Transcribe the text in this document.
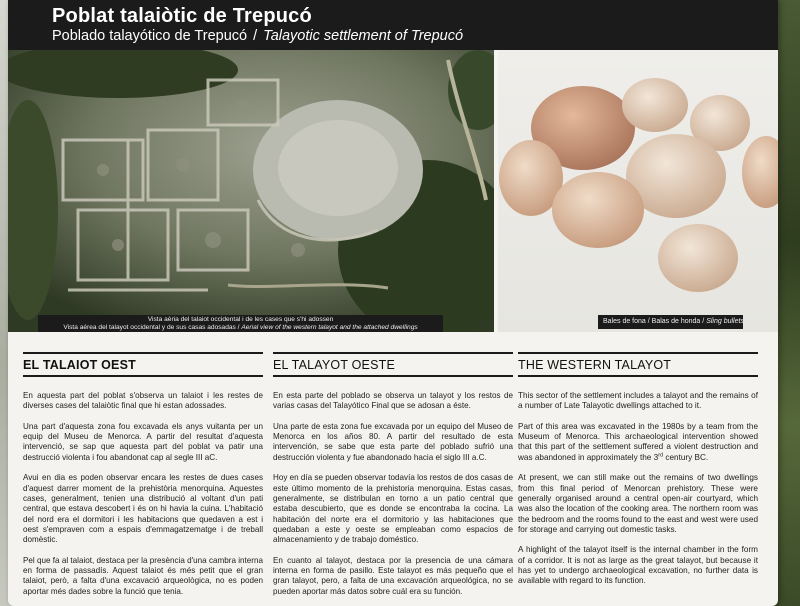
Poblat talaiòtic de Trepucó
Poblado talayótico de Trepucó / Talayotic settlement of Trepucó
Vista aèria del talaiot occidental i de les cases que s'hi adossen
Vista aérea del talayot occidental y de sus casas adosadas / Aerial view of the western talayot and the attached dwellings
Bales de fona / Balas de honda / Sling bullets
EL TALAIOT OEST

En aquesta part del poblat s'observa un talaiot i les restes de diverses cases del talaiòtic final que hi estan adossades.

Una part d'aquesta zona fou excavada els anys vuitanta per un equip del Museu de Menorca. A partir del resultat d'aquesta intervenció, se sap que aquesta part del poblat va patir una destrucció violenta i fou abandonat cap al segle III aC.

Avui en dia es poden observar encara les restes de dues cases d'aquest darrer moment de la prehistòria menorquina. Aquestes cases, generalment, tenien una distribució al voltant d'un pati central, que estava descobert i és on hi havia la cuina. L'habitació del nord era el dormitori i les habitacions que quedaven a est i oest s'empraven com a espais d'emmagatzematge i de treball domèstic.

Pel que fa al talaiot, destaca per la presència d'una cambra interna en forma de passadís. Aquest talaiot és més petit que el gran talaiot, però, a falta d'una excavació arqueològica, no es poden aportar més dades sobre la funció que tenia.

EL TALAYOT OESTE

En esta parte del poblado se observa un talayot y los restos de varias casas del Talayótico Final que se adosan a éste.

Una parte de esta zona fue excavada por un equipo del Museo de Menorca en los años 80. A partir del resultado de esta intervención, se sabe que esta parte del poblado sufrió una destrucción violenta y fue abandonado hacia el siglo III a.C.

Hoy en día se pueden observar todavía los restos de dos casas de este último momento de la prehistoria menorquina. Estas casas, generalmente, se distribulan en torno a un patio central que estaba descubierto, que es donde se encontraba la cocina. La habitación del norte era el dormitorio y las habitaciones que quedaban a este y oeste se empleaban como espacios de almacenamiento y de trabajo doméstico.

En cuanto al talayot, destaca por la presencia de una cámara interna en forma de pasillo. Este talayot es más pequeño que el gran talayot, pero, a falta de una excavación arqueológica, no se pueden aportar más datos sobre cuál era su función.

THE WESTERN TALAYOT

This sector of the settlement includes a talayot and the remains of a number of Late Talayotic dwellings attached to it.

Part of this area was excavated in the 1980s by a team from the Museum of Menorca. This archaeological intervention showed that this part of the settlement suffered a violent destruction and was abandoned in approximately the 3rd century BC.

At present, we can still make out the remains of two dwellings from this final period of Menorcan prehistory. These were generally organised around a central open-air courtyard, which was also the location of the cooking area. The northern room was the bedroom and the rooms found to the east and west were used for storage and carrying out domestic tasks.

A highlight of the talayot itself is the internal chamber in the form of a corridor. It is not as large as the great talayot, but because it has yet to undergo archaeological excavation, no further data is available with regard to its function.
